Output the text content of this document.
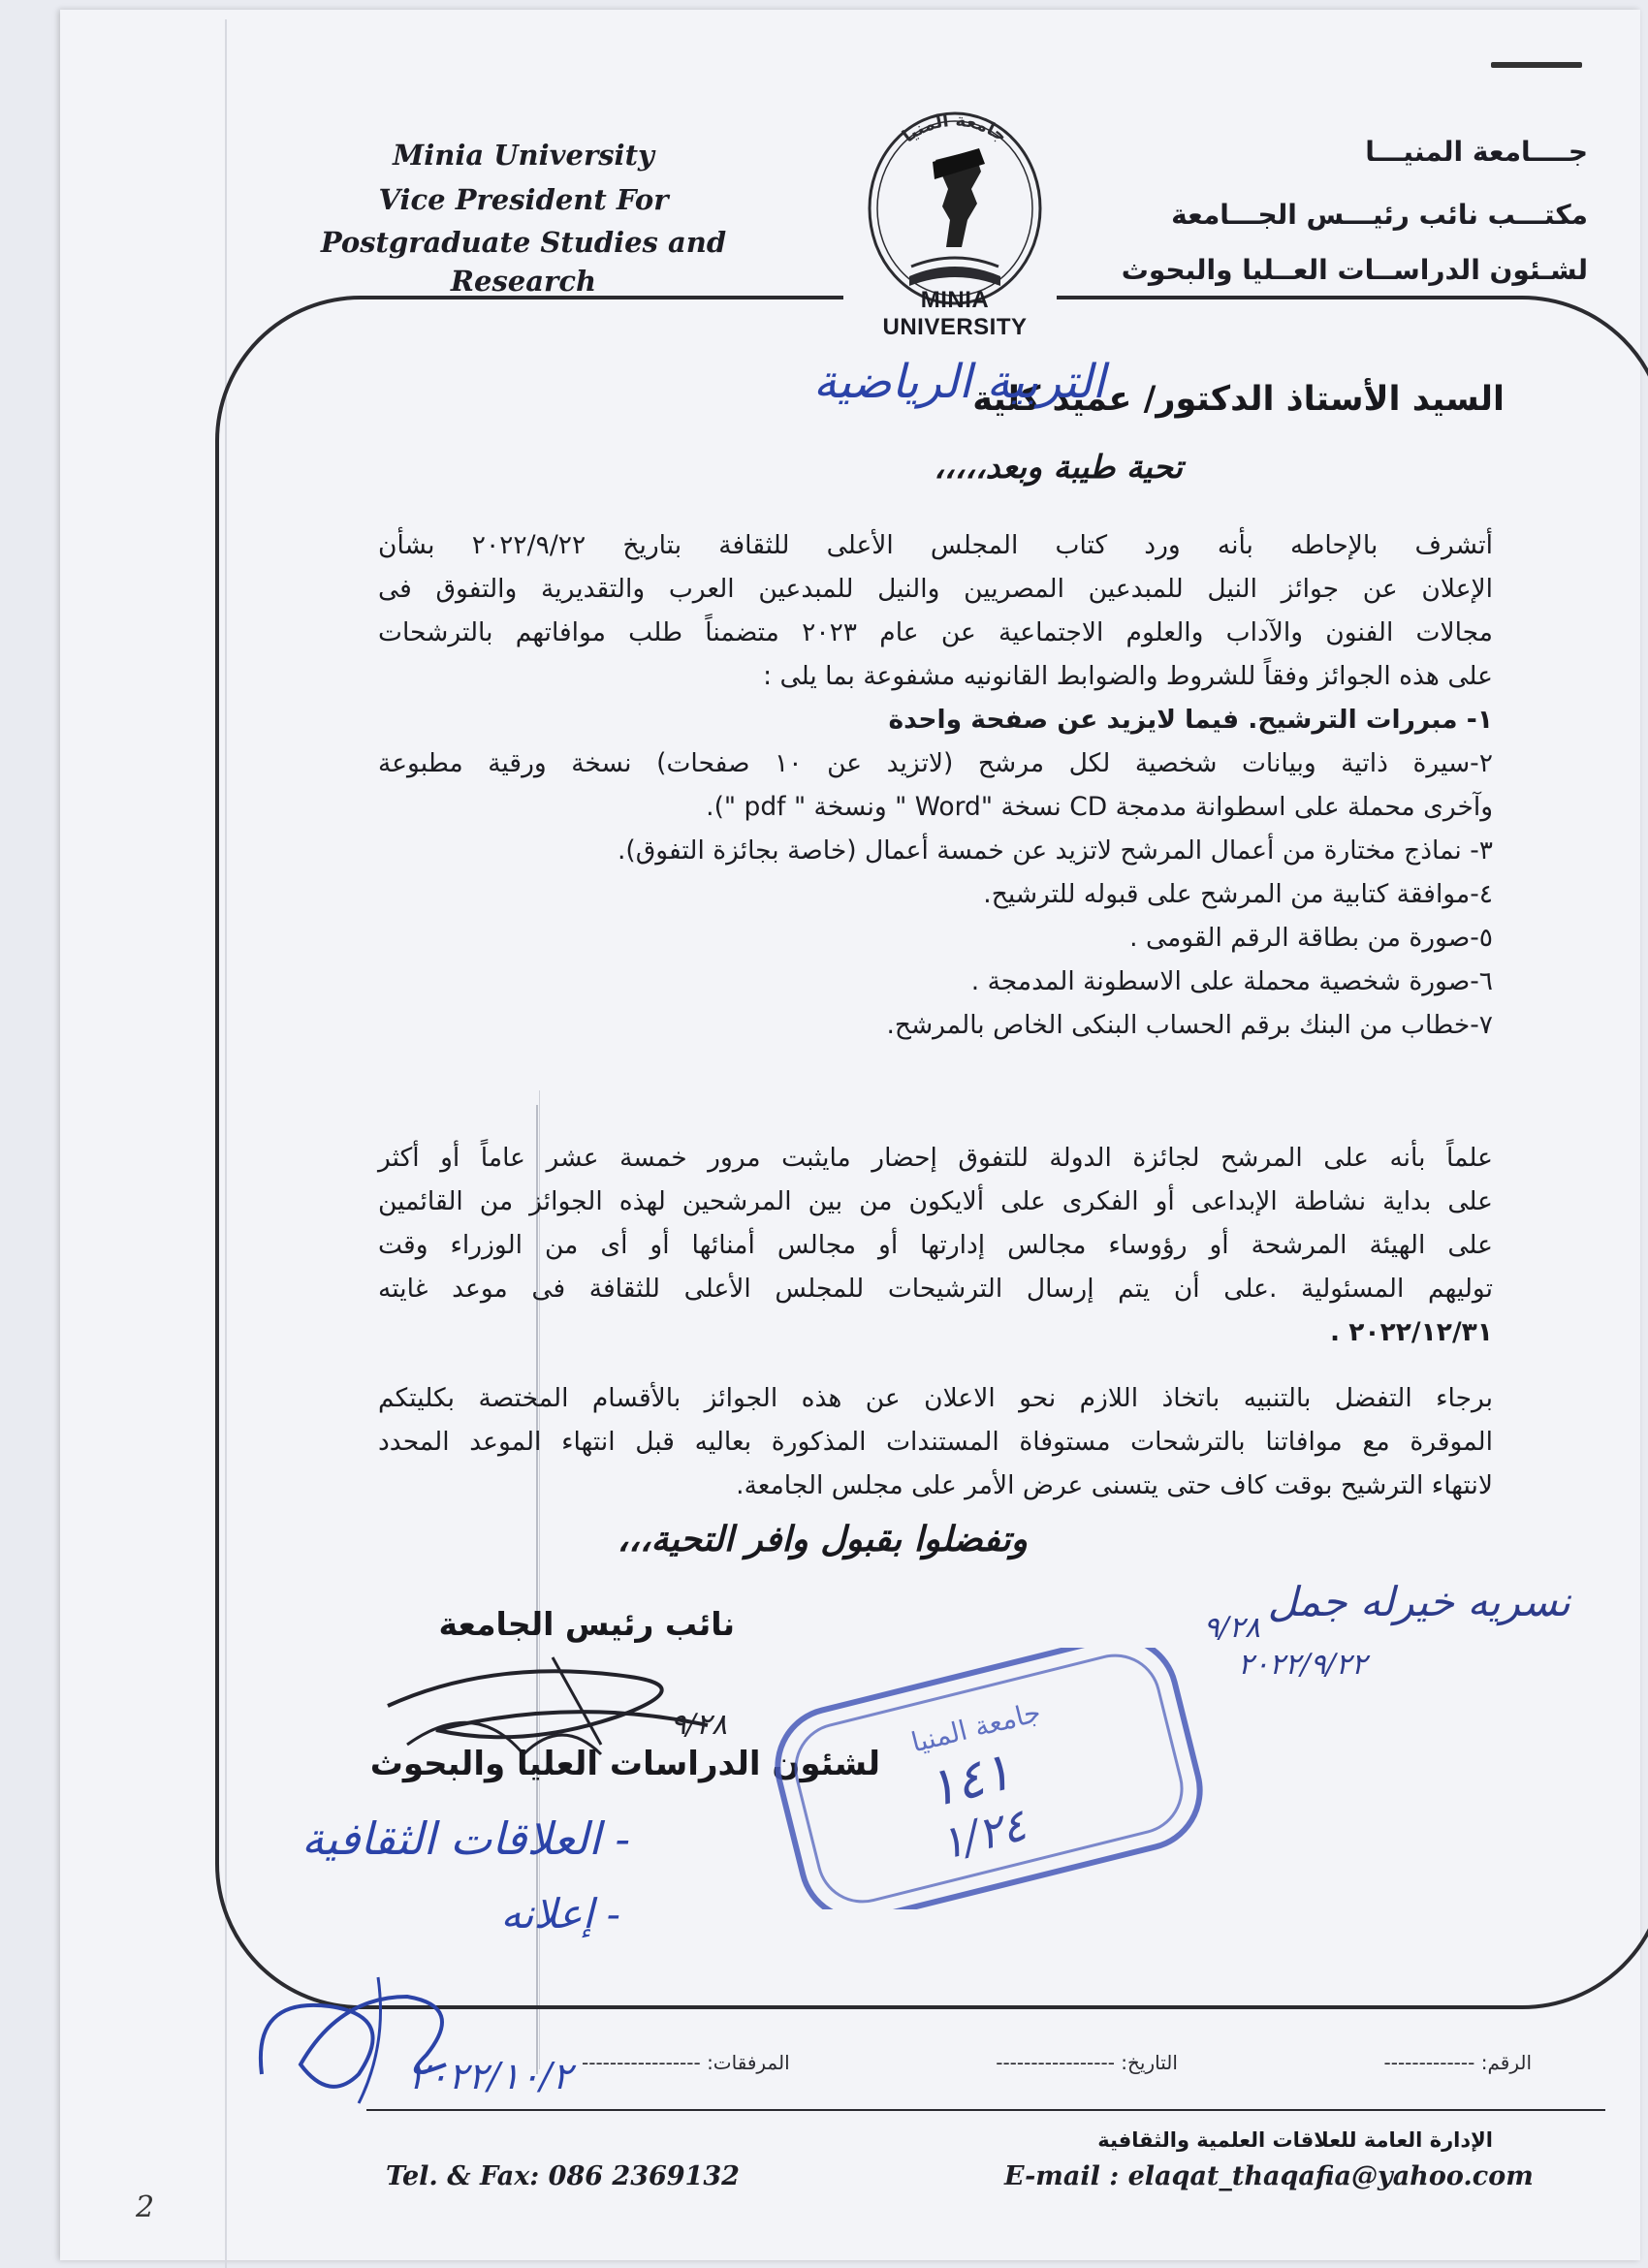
Minia University
Vice President For
Postgraduate Studies and Research
جــــامعة المنيـــا
مكتـــب نائب رئيـــس الجـــامعة
لشـئون الدراســات العــليا والبحوث
جامعة المنيا
MINIA UNIVERSITY
السيد الأستاذ الدكتور/ عميد كلية
التربية الرياضية
تحية طيبة وبعد،،،،،
أتشرف بالإحاطه بأنه ورد كتاب المجلس الأعلى للثقافة بتاريخ ٢٠٢٢/٩/٢٢ بشأن
الإعلان عن جوائز النيل للمبدعين المصريين والنيل للمبدعين العرب والتقديرية والتفوق فى
مجالات الفنون والآداب والعلوم الاجتماعية عن عام ٢٠٢٣ متضمناً طلب موافاتهم بالترشحات
على هذه الجوائز وفقاً للشروط والضوابط القانونيه مشفوعة بما يلى :
١- مبررات الترشيح. فيما لايزيد عن صفحة واحدة
٢-سيرة ذاتية وبيانات شخصية لكل مرشح (لاتزيد عن ١٠ صفحات) نسخة ورقية مطبوعة
وآخرى محملة على اسطوانة مدمجة CD نسخة "Word " ونسخة " pdf ").
٣- نماذج مختارة من أعمال المرشح لاتزيد عن خمسة أعمال (خاصة بجائزة التفوق).
٤-موافقة كتابية من المرشح على قبوله للترشيح.
٥-صورة من بطاقة الرقم القومى .
٦-صورة شخصية محملة على الاسطونة المدمجة .
٧-خطاب من البنك برقم الحساب البنكى الخاص بالمرشح.
علماً بأنه على المرشح لجائزة الدولة للتفوق إحضار مايثبت مرور خمسة عشر عاماً أو أكثر
على بداية نشاطة الإبداعى أو الفكرى على ألايكون من بين المرشحين لهذه الجوائز من القائمين
على الهيئة المرشحة أو رؤوساء مجالس إدارتها أو مجالس أمنائها أو أى من الوزراء وقت
توليهم المسئولية .على أن يتم إرسال الترشيحات للمجلس الأعلى للثقافة فى موعد غايته
٢٠٢٢/١٢/٣١ .
برجاء التفضل بالتنبيه باتخاذ اللازم نحو الاعلان عن هذه الجوائز بالأقسام المختصة بكليتكم
الموقرة مع موافاتنا بالترشحات مستوفاة المستندات المذكورة بعاليه قبل انتهاء الموعد المحدد
لانتهاء الترشيح بوقت كاف حتى يتسنى عرض الأمر على مجلس الجامعة.
وتفضلوا بقبول وافر التحية،،،
نسريه خيرله جمل
٩/٢٨
٢٠٢٢/٩/٢٢
نائب رئيس الجامعة
٩/٢٨
لشئون الدراسات العليا والبحوث
جامعة المنيا
١٤١
١/٢٤
- العلاقات الثقافية
- إعلانه
٢٠٢٢/١٠/٢	الرقم: -------------
التاريخ: -----------------
المرفقات: -----------------
الإدارة العامة للعلاقات العلمية والثقافية
Tel. & Fax: 086 2369132	E-mail : elaqat_thaqafia@yahoo.com
2
